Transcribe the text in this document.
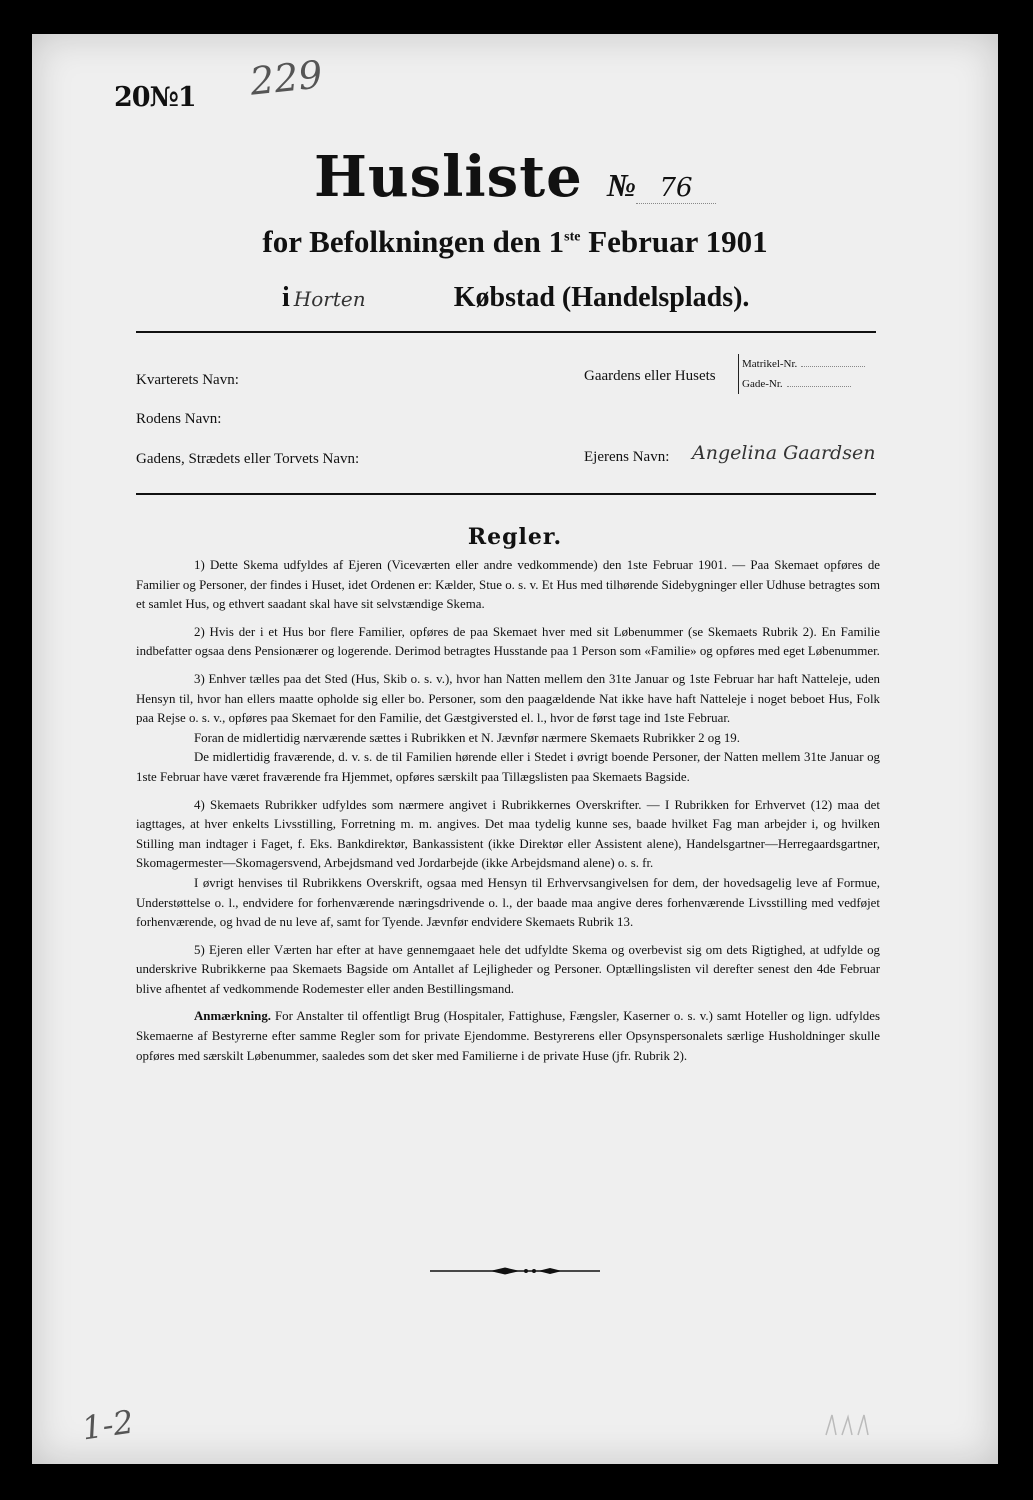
20№1 229
Husliste № 76
for Befolkningen den 1ste Februar 1901
i Horten	Købstad (Handelsplads).
Kvarterets Navn:
Rodens Navn:
Gadens, Strædets eller Torvets Navn:
Gaardens eller Husets
Matrikel-Nr.
Gade-Nr.
Ejerens Navn: Angelina Gaardsen
Regler.

1) Dette Skema udfyldes af Ejeren (Viceværten eller andre vedkommende) den 1ste Februar 1901. — Paa Skemaet opføres de Familier og Personer, der findes i Huset, idet Ordenen er: Kælder, Stue o. s. v. Et Hus med tilhørende Sidebygninger eller Udhuse betragtes som et samlet Hus, og ethvert saadant skal have sit selvstændige Skema.

2) Hvis der i et Hus bor flere Familier, opføres de paa Skemaet hver med sit Løbenummer (se Skemaets Rubrik 2). En Familie indbefatter ogsaa dens Pensionærer og logerende. Derimod betragtes Husstande paa 1 Person som «Familie» og opføres med eget Løbenummer.

3) Enhver tælles paa det Sted (Hus, Skib o. s. v.), hvor han Natten mellem den 31te Januar og 1ste Februar har haft Natteleje, uden Hensyn til, hvor han ellers maatte opholde sig eller bo. Personer, som den paagældende Nat ikke have haft Natteleje i noget beboet Hus, Folk paa Rejse o. s. v., opføres paa Skemaet for den Familie, det Gæstgiversted el. l., hvor de først tage ind 1ste Februar.

Foran de midlertidig nærværende sættes i Rubrikken et N. Jævnfør nærmere Skemaets Rubrikker 2 og 19.

De midlertidig fraværende, d. v. s. de til Familien hørende eller i Stedet i øvrigt boende Personer, der Natten mellem 31te Januar og 1ste Februar have været fraværende fra Hjemmet, opføres særskilt paa Tillægslisten paa Skemaets Bagside.

4) Skemaets Rubrikker udfyldes som nærmere angivet i Rubrikkernes Overskrifter. — I Rubrikken for Erhvervet (12) maa det iagttages, at hver enkelts Livsstilling, Forretning m. m. angives. Det maa tydelig kunne ses, baade hvilket Fag man arbejder i, og hvilken Stilling man indtager i Faget, f. Eks. Bankdirektør, Bankassistent (ikke Direktør eller Assistent alene), Handelsgartner—Herregaardsgartner, Skomagermester—Skomagersvend, Arbejdsmand ved Jordarbejde (ikke Arbejdsmand alene) o. s. fr.

I øvrigt henvises til Rubrikkens Overskrift, ogsaa med Hensyn til Erhvervsangivelsen for dem, der hovedsagelig leve af Formue, Understøttelse o. l., endvidere for forhenværende næringsdrivende o. l., der baade maa angive deres forhenværende Livsstilling med vedføjet forhenværende, og hvad de nu leve af, samt for Tyende. Jævnfør endvidere Skemaets Rubrik 13.

5) Ejeren eller Værten har efter at have gennemgaaet hele det udfyldte Skema og overbevist sig om dets Rigtighed, at udfylde og underskrive Rubrikkerne paa Skemaets Bagside om Antallet af Lejligheder og Personer. Optællingslisten vil derefter senest den 4de Februar blive afhentet af vedkommende Rodemester eller anden Bestillingsmand.

Anmærkning. For Anstalter til offentligt Brug (Hospitaler, Fattighuse, Fængsler, Kaserner o. s. v.) samt Hoteller og lign. udfyldes Skemaerne af Bestyrerne efter samme Regler som for private Ejendomme. Bestyrerens eller Opsynspersonalets særlige Husholdninger skulle opføres med særskilt Løbenummer, saaledes som det sker med Familierne i de private Huse (jfr. Rubrik 2).

1-2
